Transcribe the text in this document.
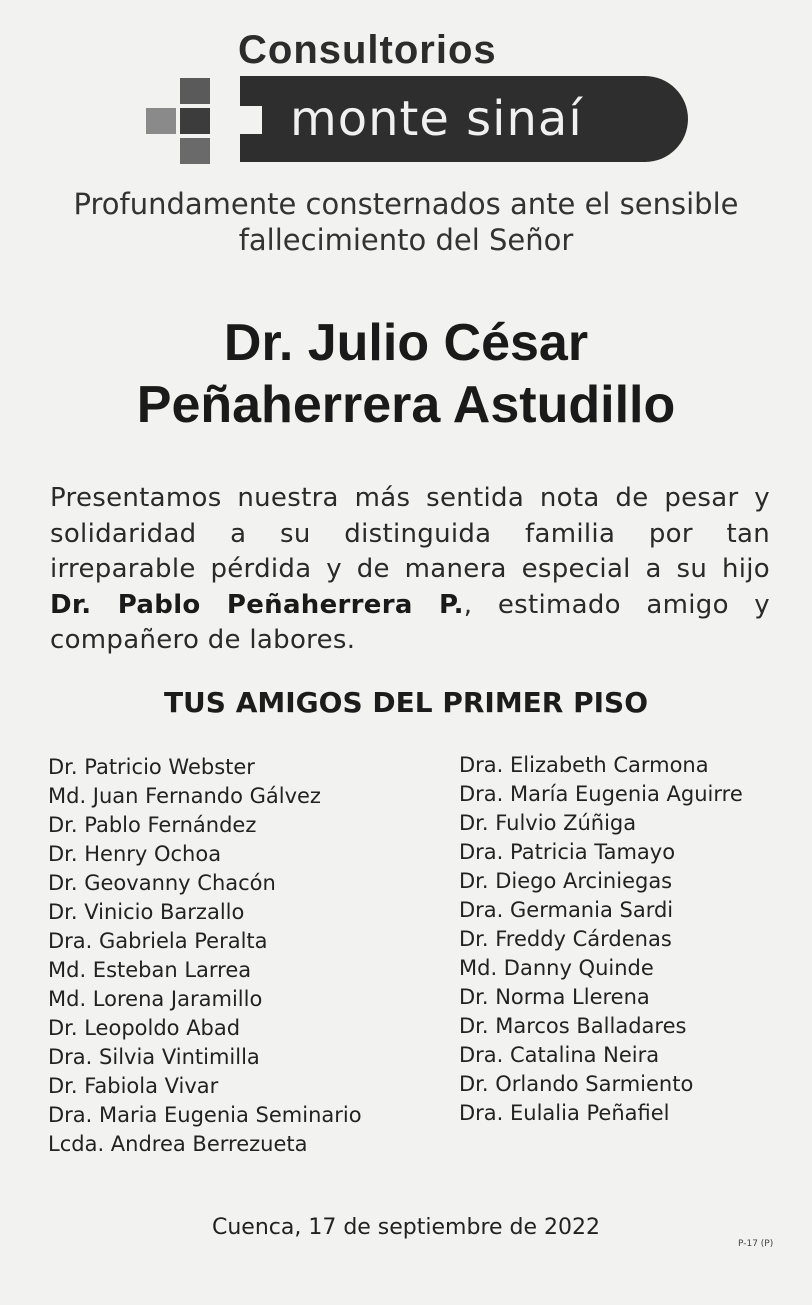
Consultorios
monte sinaí
Profundamente consternados ante el sensible
fallecimiento del Señor
Dr. Julio César
Peñaherrera Astudillo
Presentamos nuestra más sentida nota de pesar y solidaridad a su distinguida familia por tan irreparable pérdida y de manera especial a su hijo Dr. Pablo Peñaherrera P., estimado amigo y compañero de labores.
TUS AMIGOS DEL PRIMER PISO
Dr. Patricio Webster
Md. Juan Fernando Gálvez
Dr. Pablo Fernández
Dr. Henry Ochoa
Dr. Geovanny Chacón
Dr. Vinicio Barzallo
Dra. Gabriela Peralta
Md. Esteban Larrea
Md. Lorena Jaramillo
Dr. Leopoldo Abad
Dra. Silvia Vintimilla
Dr. Fabiola Vivar
Dra. Maria Eugenia Seminario
Lcda. Andrea Berrezueta
Dra. Elizabeth Carmona
Dra. María Eugenia Aguirre
Dr. Fulvio Zúñiga
Dra. Patricia Tamayo
Dr. Diego Arciniegas
Dra. Germania Sardi
Dr. Freddy Cárdenas
Md. Danny Quinde
Dr. Norma Llerena
Dr. Marcos Balladares
Dra. Catalina Neira
Dr. Orlando Sarmiento
Dra. Eulalia Peñafiel
Cuenca, 17 de septiembre de 2022
P-17 (P)
